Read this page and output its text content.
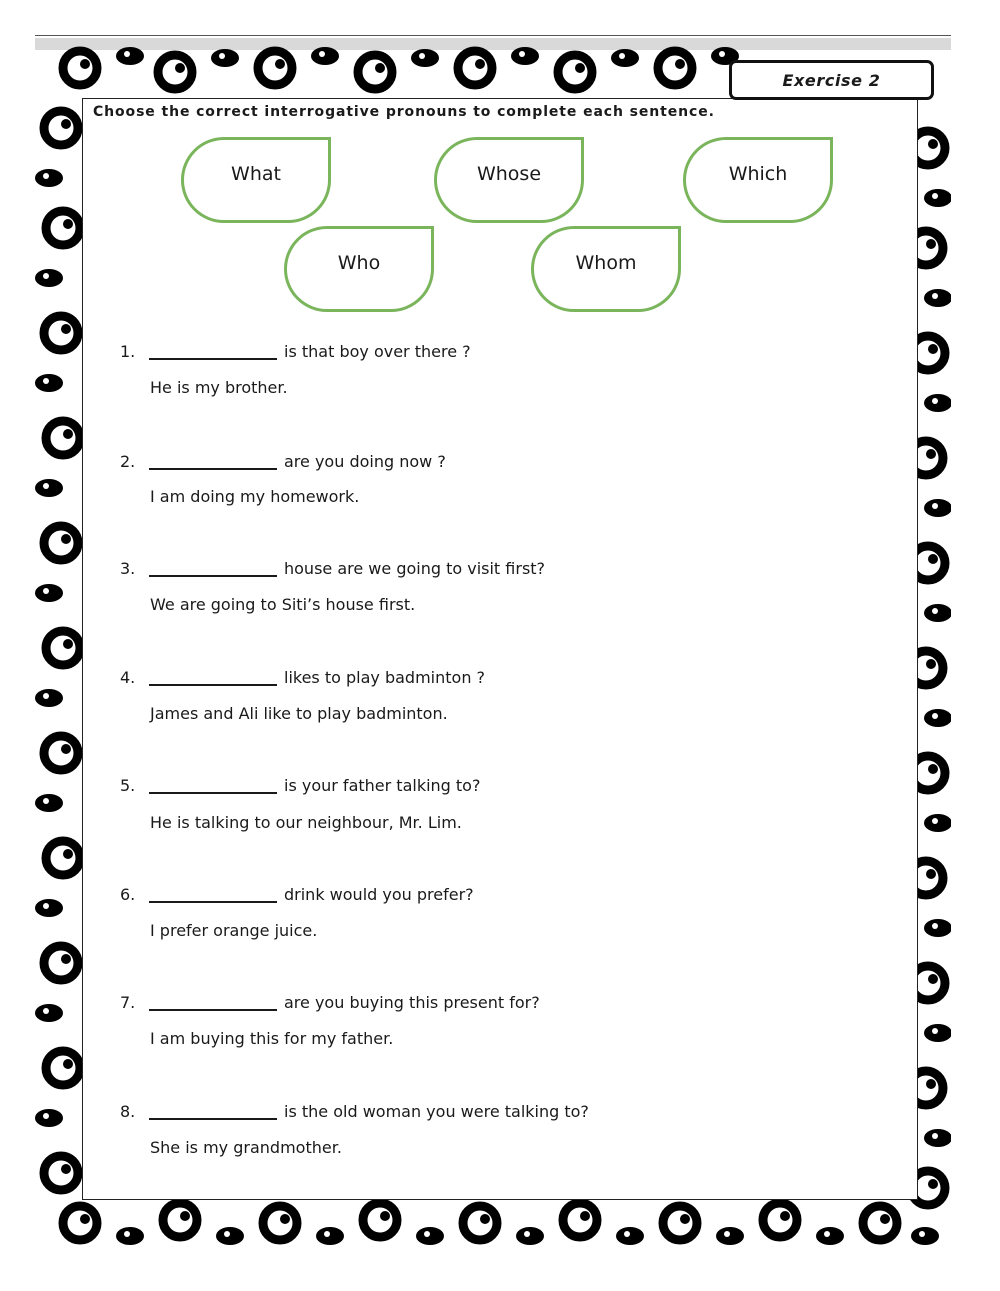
Exercise 2
Choose the correct interrogative pronouns to complete each sentence.
What	Whose	Which
Who	Whom
1.	is that boy over there ?
He is my brother.
2.	are you doing now ?
I am doing my homework.
3.	house are we going to visit first?
We are going to Siti’s house first.
4.	likes to play badminton ?
James and Ali like to play badminton.
5.	is your father talking to?
He is talking to our neighbour, Mr. Lim.
6.	drink would you prefer?
I prefer orange juice.
7.	are you buying this present for?
I am buying this for my father.
8.	is the old woman you were talking to?
She is my grandmother.
